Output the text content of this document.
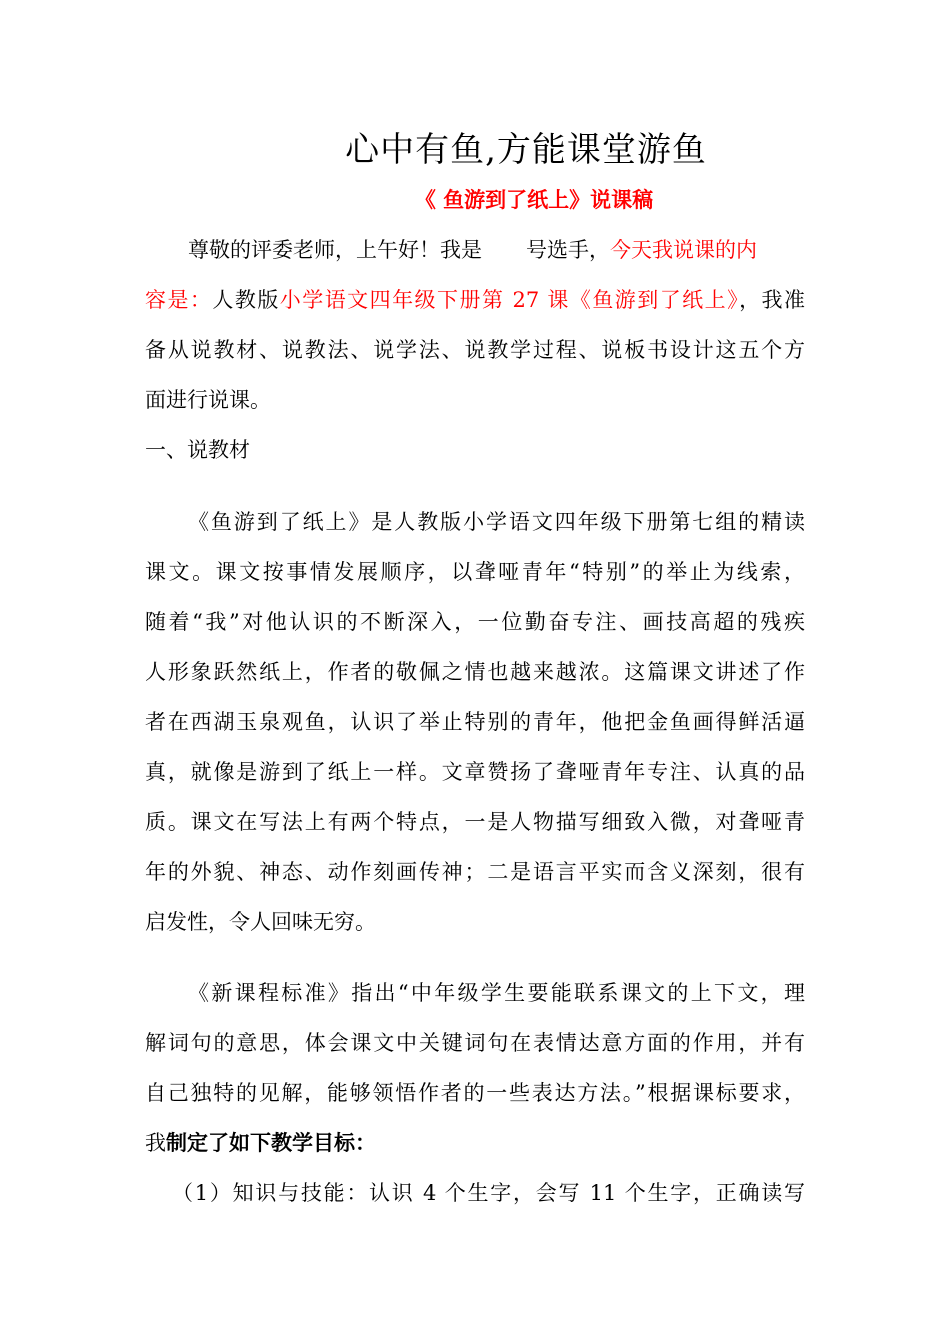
心中有鱼,方能课堂游鱼
《 鱼游到了纸上》说课稿
尊敬的评委老师，上午好！我是 号选手，今天我说课的内
容是：人教版小学语文四年级下册第 27 课《鱼游到了纸上》，我准
备从说教材、说教法、说学法、说教学过程、说板书设计这五个方
面进行说课。
一、说教材
《鱼游到了纸上》是人教版小学语文四年级下册第七组的精读
课文。课文按事情发展顺序，以聋哑青年“特别”的举止为线索，
随着“我”对他认识的不断深入，一位勤奋专注、画技高超的残疾
人形象跃然纸上，作者的敬佩之情也越来越浓。这篇课文讲述了作
者在西湖玉泉观鱼，认识了举止特别的青年，他把金鱼画得鲜活逼
真，就像是游到了纸上一样。文章赞扬了聋哑青年专注、认真的品
质。课文在写法上有两个特点，一是人物描写细致入微，对聋哑青
年的外貌、神态、动作刻画传神；二是语言平实而含义深刻，很有
启发性，令人回味无穷。
《新课程标准》指出“中年级学生要能联系课文的上下文，理
解词句的意思，体会课文中关键词句在表情达意方面的作用，并有
自己独特的见解，能够领悟作者的一些表达方法。”根据课标要求，
我制定了如下教学目标：
（1）知识与技能：认识 4 个生字，会写 11 个生字，正确读写
